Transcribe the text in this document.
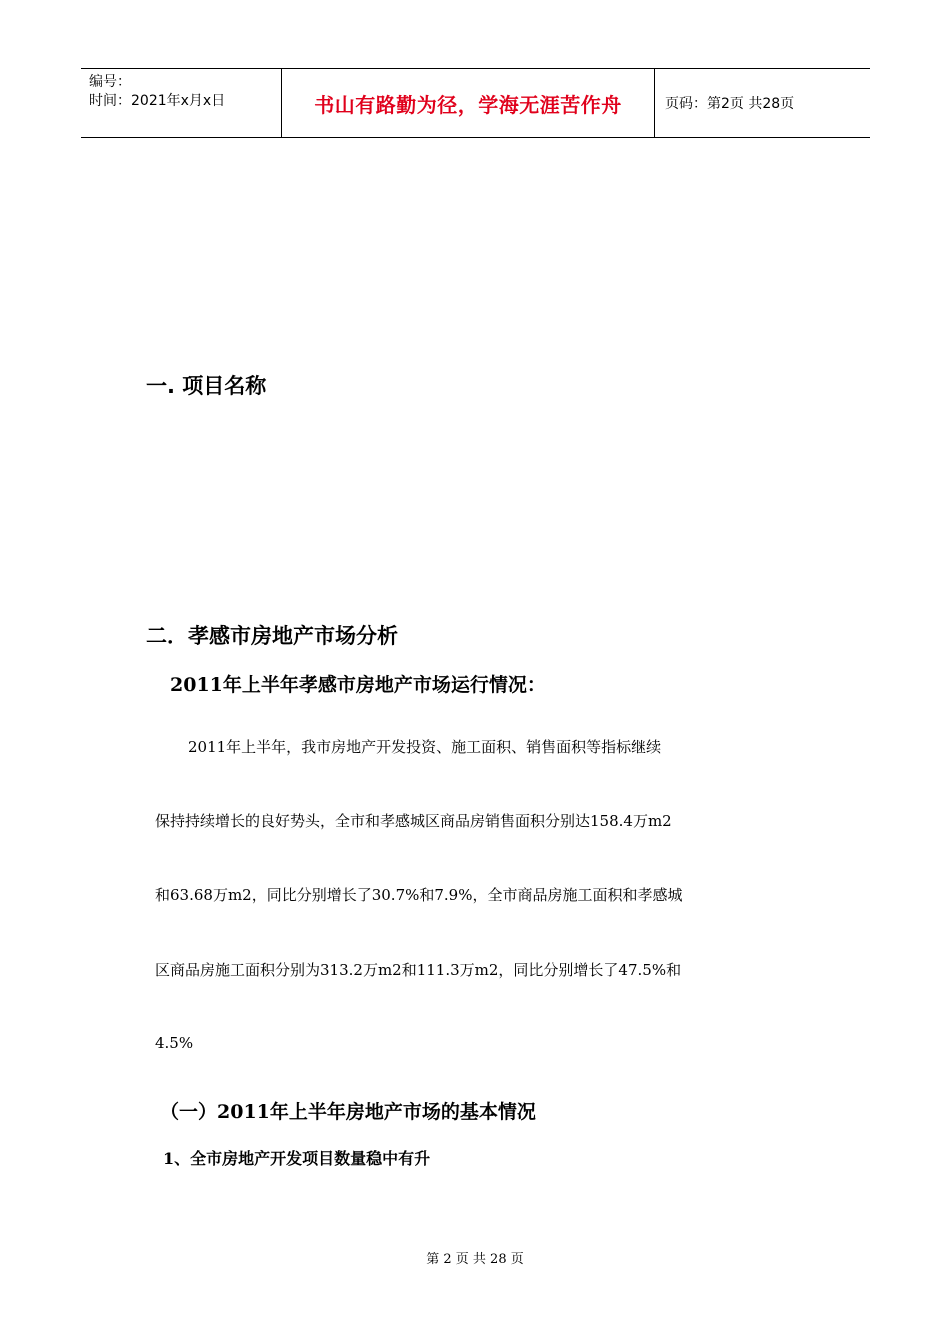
编号：
时间：2021年x月x日	书山有路勤为径，学海无涯苦作舟	页码：第2页 共28页
一. 项目名称
二．孝感市房地产市场分析
2011年上半年孝感市房地产市场运行情况：
2011年上半年，我市房地产开发投资、施工面积、销售面积等指标继续
保持持续增长的良好势头，全市和孝感城区商品房销售面积分别达158.4万m2
和63.68万m2，同比分别增长了30.7%和7.9%，全市商品房施工面积和孝感城
区商品房施工面积分别为313.2万m2和111.3万m2，同比分别增长了47.5%和
4.5%
（一）2011年上半年房地产市场的基本情况
1、全市房地产开发项目数量稳中有升
第 2 页 共 28 页
